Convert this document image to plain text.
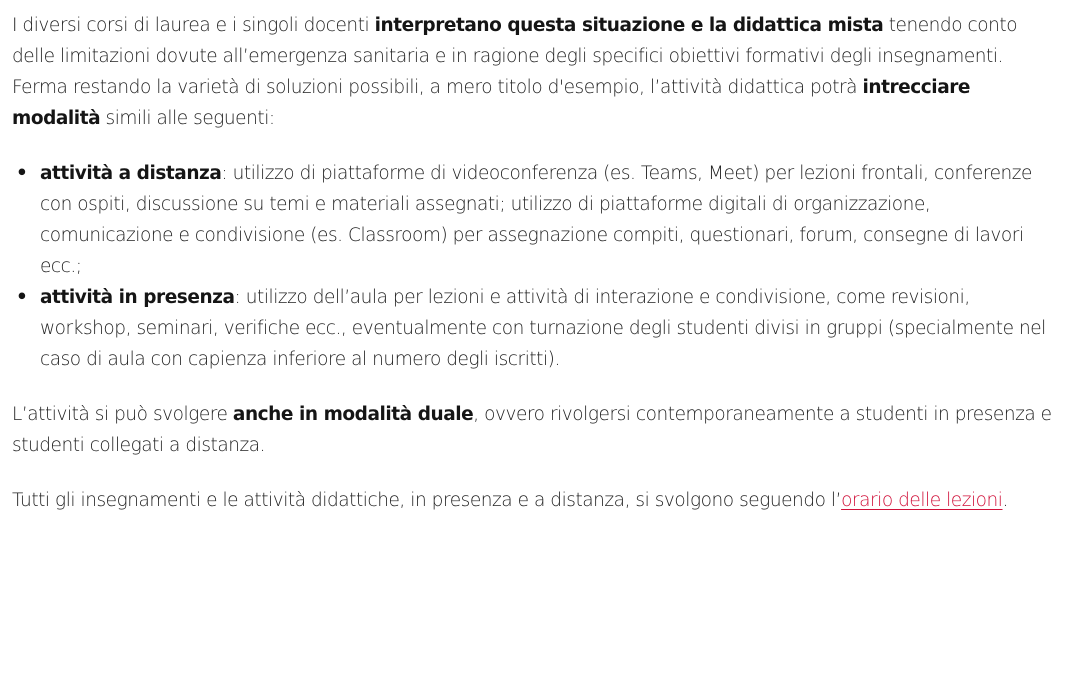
I diversi corsi di laurea e i singoli docenti interpretano questa situazione e la didattica mista tenendo conto delle limitazioni dovute all’emergenza sanitaria e in ragione degli specifici obiettivi formativi degli insegnamenti.
Ferma restando la varietà di soluzioni possibili, a mero titolo d'esempio, l’attività didattica potrà intrecciare modalità simili alle seguenti:

• attività a distanza: utilizzo di piattaforme di videoconferenza (es. Teams, Meet) per lezioni frontali, conferenze con ospiti, discussione su temi e materiali assegnati; utilizzo di piattaforme digitali di organizzazione, comunicazione e condivisione (es. Classroom) per assegnazione compiti, questionari, forum, consegne di lavori ecc.;
• attività in presenza: utilizzo dell’aula per lezioni e attività di interazione e condivisione, come revisioni, workshop, seminari, verifiche ecc., eventualmente con turnazione degli studenti divisi in gruppi (specialmente nel caso di aula con capienza inferiore al numero degli iscritti).

L’attività si può svolgere anche in modalità duale, ovvero rivolgersi contemporaneamente a studenti in presenza e studenti collegati a distanza.

Tutti gli insegnamenti e le attività didattiche, in presenza e a distanza, si svolgono seguendo l’orario delle lezioni.
